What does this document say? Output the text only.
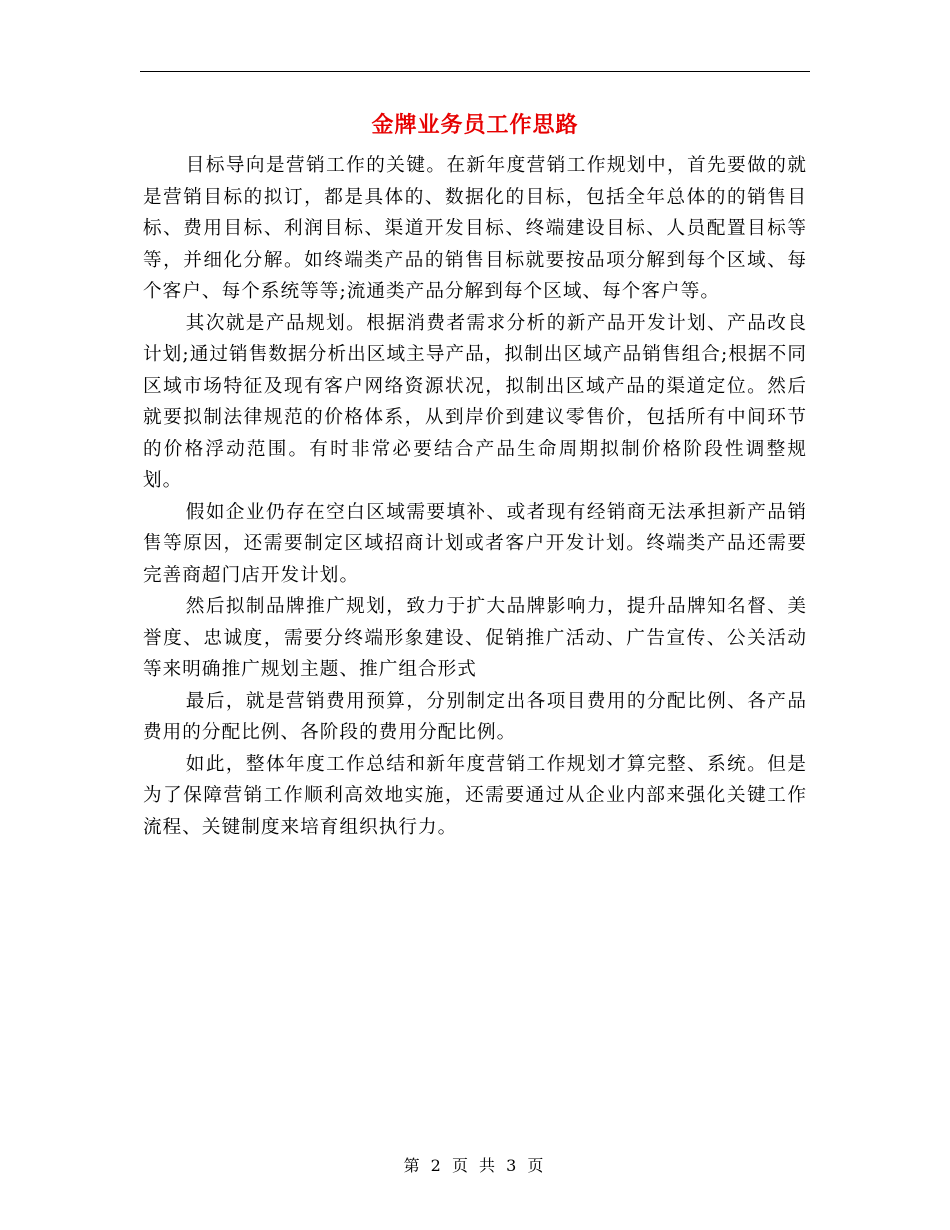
金牌业务员工作思路

目标导向是营销工作的关键。在新年度营销工作规划中，首先要做的就是营销目标的拟订，都是具体的、数据化的目标，包括全年总体的的销售目标、费用目标、利润目标、渠道开发目标、终端建设目标、人员配置目标等等，并细化分解。如终端类产品的销售目标就要按品项分解到每个区域、每个客户、每个系统等等;流通类产品分解到每个区域、每个客户等。

其次就是产品规划。根据消费者需求分析的新产品开发计划、产品改良计划;通过销售数据分析出区域主导产品，拟制出区域产品销售组合;根据不同区域市场特征及现有客户网络资源状况，拟制出区域产品的渠道定位。然后就要拟制法律规范的价格体系，从到岸价到建议零售价，包括所有中间环节的价格浮动范围。有时非常必要结合产品生命周期拟制价格阶段性调整规划。

假如企业仍存在空白区域需要填补、或者现有经销商无法承担新产品销售等原因，还需要制定区域招商计划或者客户开发计划。终端类产品还需要完善商超门店开发计划。

然后拟制品牌推广规划，致力于扩大品牌影响力，提升品牌知名督、美誉度、忠诚度，需要分终端形象建设、促销推广活动、广告宣传、公关活动等来明确推广规划主题、推广组合形式

最后，就是营销费用预算，分别制定出各项目费用的分配比例、各产品费用的分配比例、各阶段的费用分配比例。

如此，整体年度工作总结和新年度营销工作规划才算完整、系统。但是为了保障营销工作顺利高效地实施，还需要通过从企业内部来强化关键工作流程、关键制度来培育组织执行力。

第 2 页 共 3 页
